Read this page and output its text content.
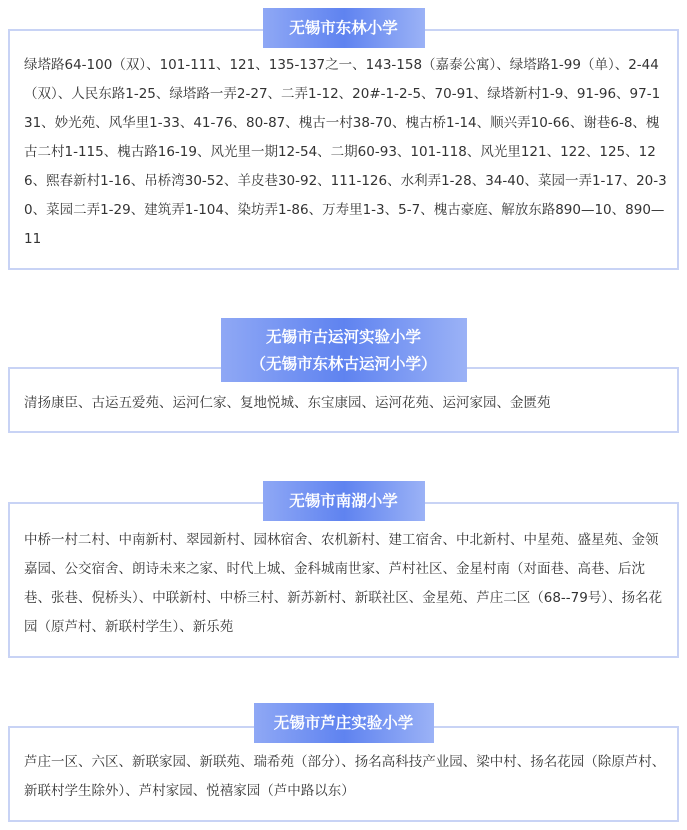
绿塔路64-100（双）、101-111、121、135-137之一、143-158（嘉泰公寓）、绿塔路1-99（单）、2-44（双）、人民东路1-25、绿塔路一弄2-27、二弄1-12、20#-1-2-5、70-91、绿塔新村1-9、91-96、97-131、妙光苑、风华里1-33、41-76、80-87、槐古一村38-70、槐古桥1-14、顺兴弄10-66、谢巷6-8、槐古二村1-115、槐古路16-19、风光里一期12-54、二期60-93、101-118、风光里121、122、125、126、熙春新村1-16、吊桥湾30-52、羊皮巷30-92、111-126、水利弄1-28、34-40、菜园一弄1-17、20-30、菜园二弄1-29、建筑弄1-104、染坊弄1-86、万寿里1-3、5-7、槐古豪庭、解放东路890—10、890—11
无锡市东林小学
清扬康臣、古运五爱苑、运河仁家、复地悦城、东宝康园、运河花苑、运河家园、金匮苑
无锡市古运河实验小学
（无锡市东林古运河小学）
中桥一村二村、中南新村、翠园新村、园林宿舍、农机新村、建工宿舍、中北新村、中星苑、盛星苑、金领嘉园、公交宿舍、朗诗未来之家、时代上城、金科城南世家、芦村社区、金星村南（对面巷、高巷、后沈巷、张巷、倪桥头）、中联新村、中桥三村、新苏新村、新联社区、金星苑、芦庄二区（68--79号）、扬名花园（原芦村、新联村学生）、新乐苑
无锡市南湖小学
芦庄一区、六区、新联家园、新联苑、瑞希苑（部分）、扬名高科技产业园、梁中村、扬名花园（除原芦村、新联村学生除外）、芦村家园、悦禧家园（芦中路以东）
无锡市芦庄实验小学
